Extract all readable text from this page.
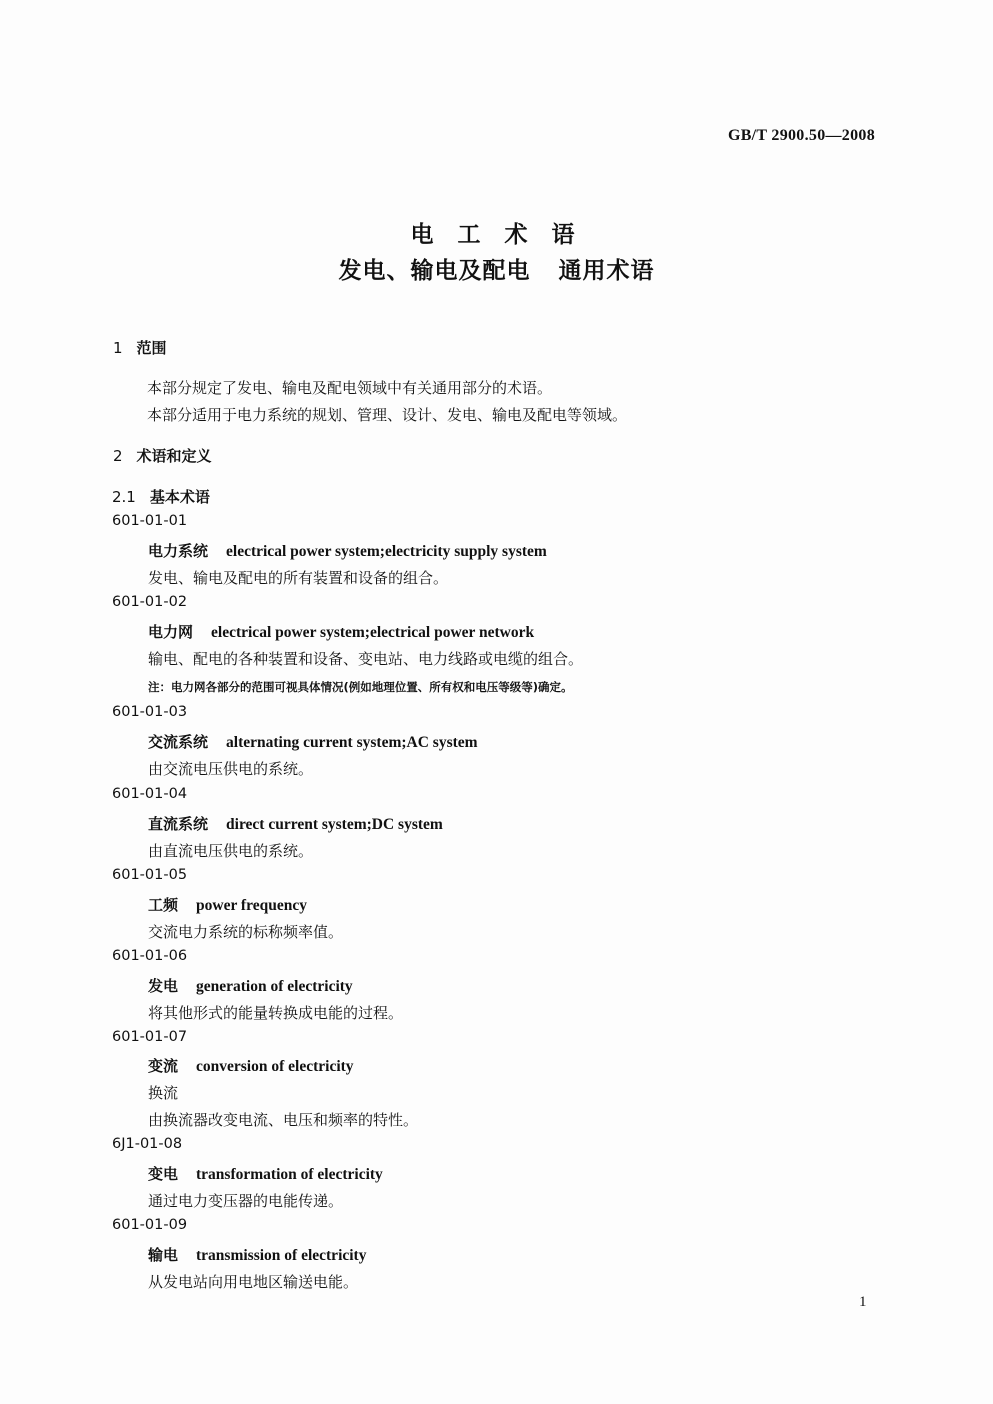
GB/T 2900.50—2008
电 工 术 语
发电、输电及配电 通用术语
1 范围
本部分规定了发电、输电及配电领域中有关通用部分的术语。
本部分适用于电力系统的规划、管理、设计、发电、输电及配电等领域。
2 术语和定义
2.1 基本术语
601-01-01
电力系统 electrical power system;electricity supply system
发电、输电及配电的所有装置和设备的组合。
601-01-02
电力网 electrical power system;electrical power network
输电、配电的各种装置和设备、变电站、电力线路或电缆的组合。
注：电力网各部分的范围可视具体情况(例如地理位置、所有权和电压等级等)确定。
601-01-03
交流系统 alternating current system;AC system
由交流电压供电的系统。
601-01-04
直流系统 direct current system;DC system
由直流电压供电的系统。
601-01-05
工频 power frequency
交流电力系统的标称频率值。
601-01-06
发电 generation of electricity
将其他形式的能量转换成电能的过程。
601-01-07
变流 conversion of electricity
换流
由换流器改变电流、电压和频率的特性。
6J1-01-08
变电 transformation of electricity
通过电力变压器的电能传递。
601-01-09
输电 transmission of electricity
从发电站向用电地区输送电能。
1
